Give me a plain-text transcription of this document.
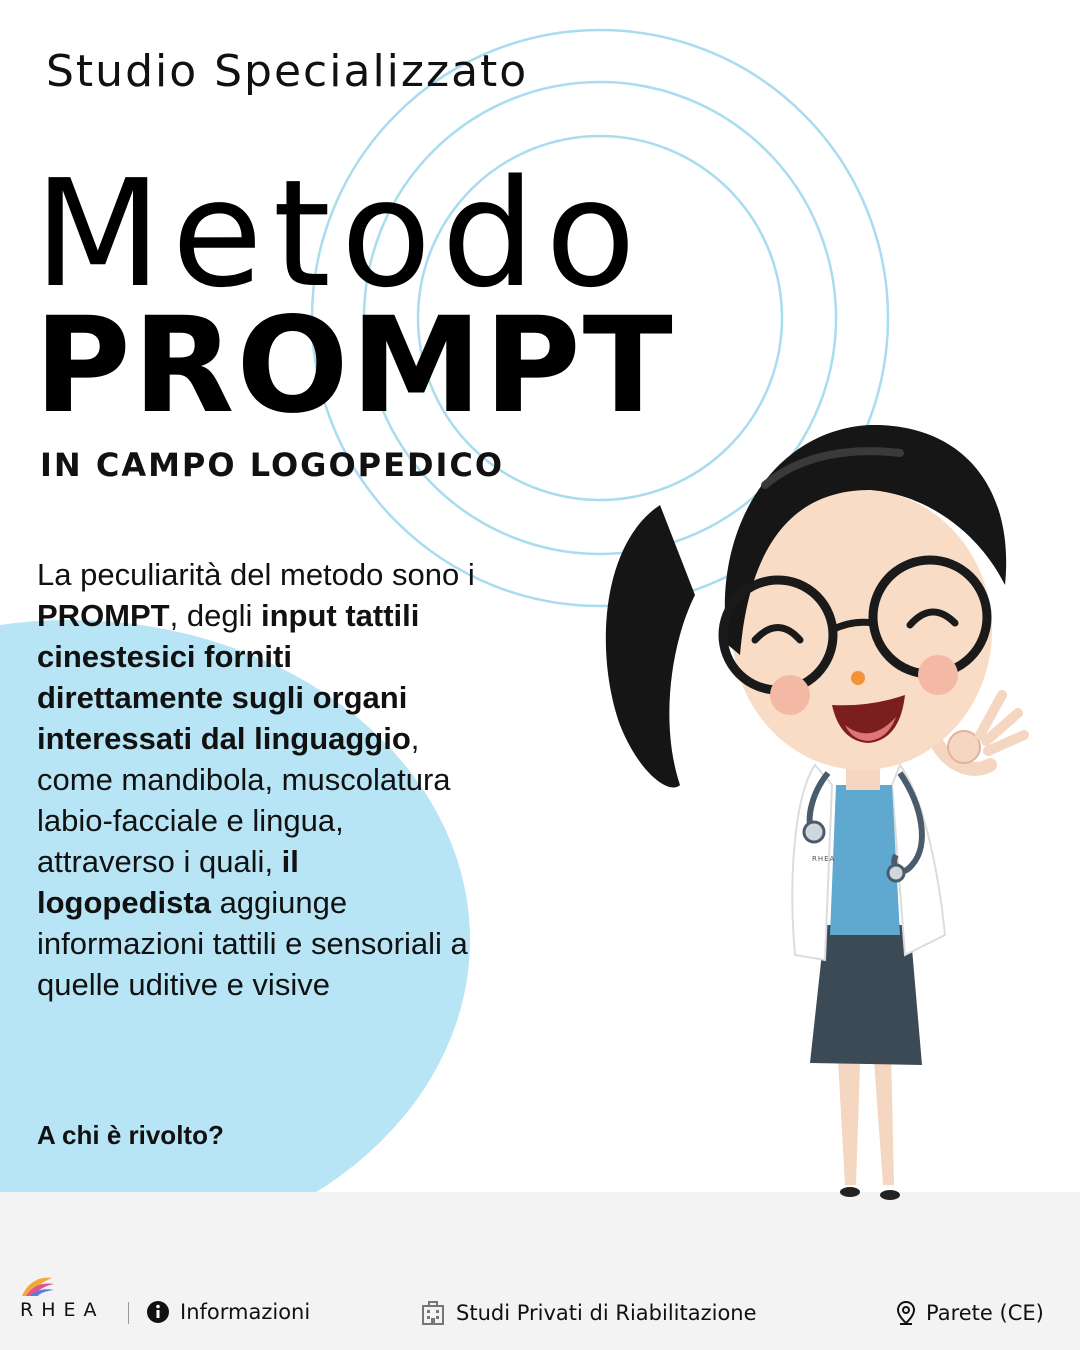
Studio Specializzato
Metodo
PROMPT
IN CAMPO LOGOPEDICO
La peculiarità del metodo sono i PROMPT, degli input tattili cinestesici forniti direttamente sugli organi interessati dal linguaggio, come mandibola, muscolatura labio-facciale e lingua, attraverso i quali, il logopedista aggiunge informazioni tattili e sensoriali a quelle uditive e visive
A chi è rivolto?
RHEA
RHEA	Informazioni	Studi Privati di Riabilitazione	Parete (CE)
